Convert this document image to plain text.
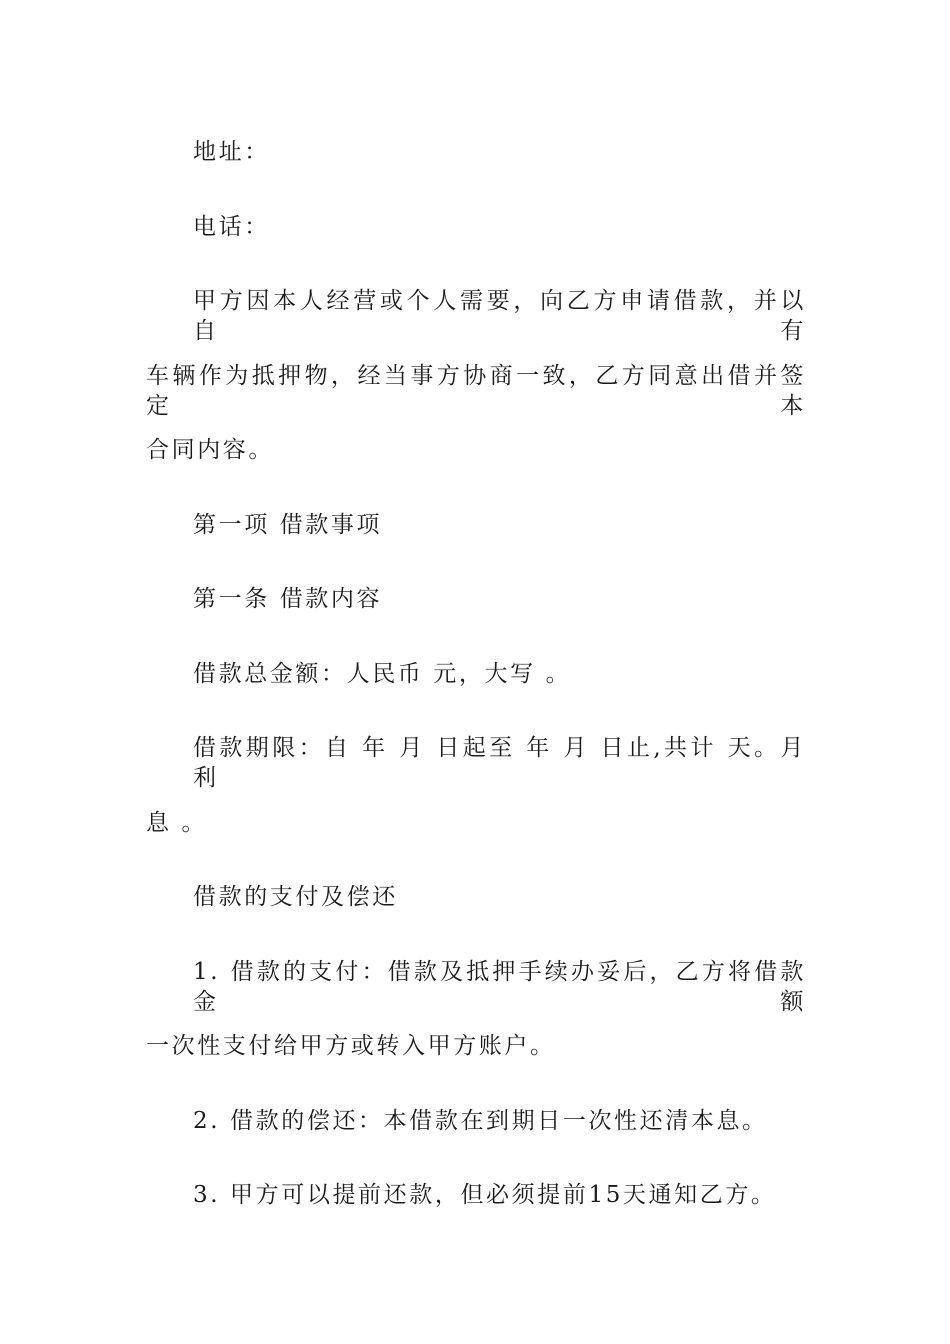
地址：
电话：
甲方因本人经营或个人需要，向乙方申请借款，并以自有
车辆作为抵押物，经当事方协商一致，乙方同意出借并签定本
合同内容。
第一项 借款事项
第一条 借款内容
借款总金额：人民币 元，大写 。
借款期限：自 年 月 日起至 年 月 日止,共计 天。月利
息 。
借款的支付及偿还
1. 借款的支付：借款及抵押手续办妥后，乙方将借款金额
一次性支付给甲方或转入甲方账户。
2. 借款的偿还：本借款在到期日一次性还清本息。
3. 甲方可以提前还款，但必须提前15天通知乙方。
